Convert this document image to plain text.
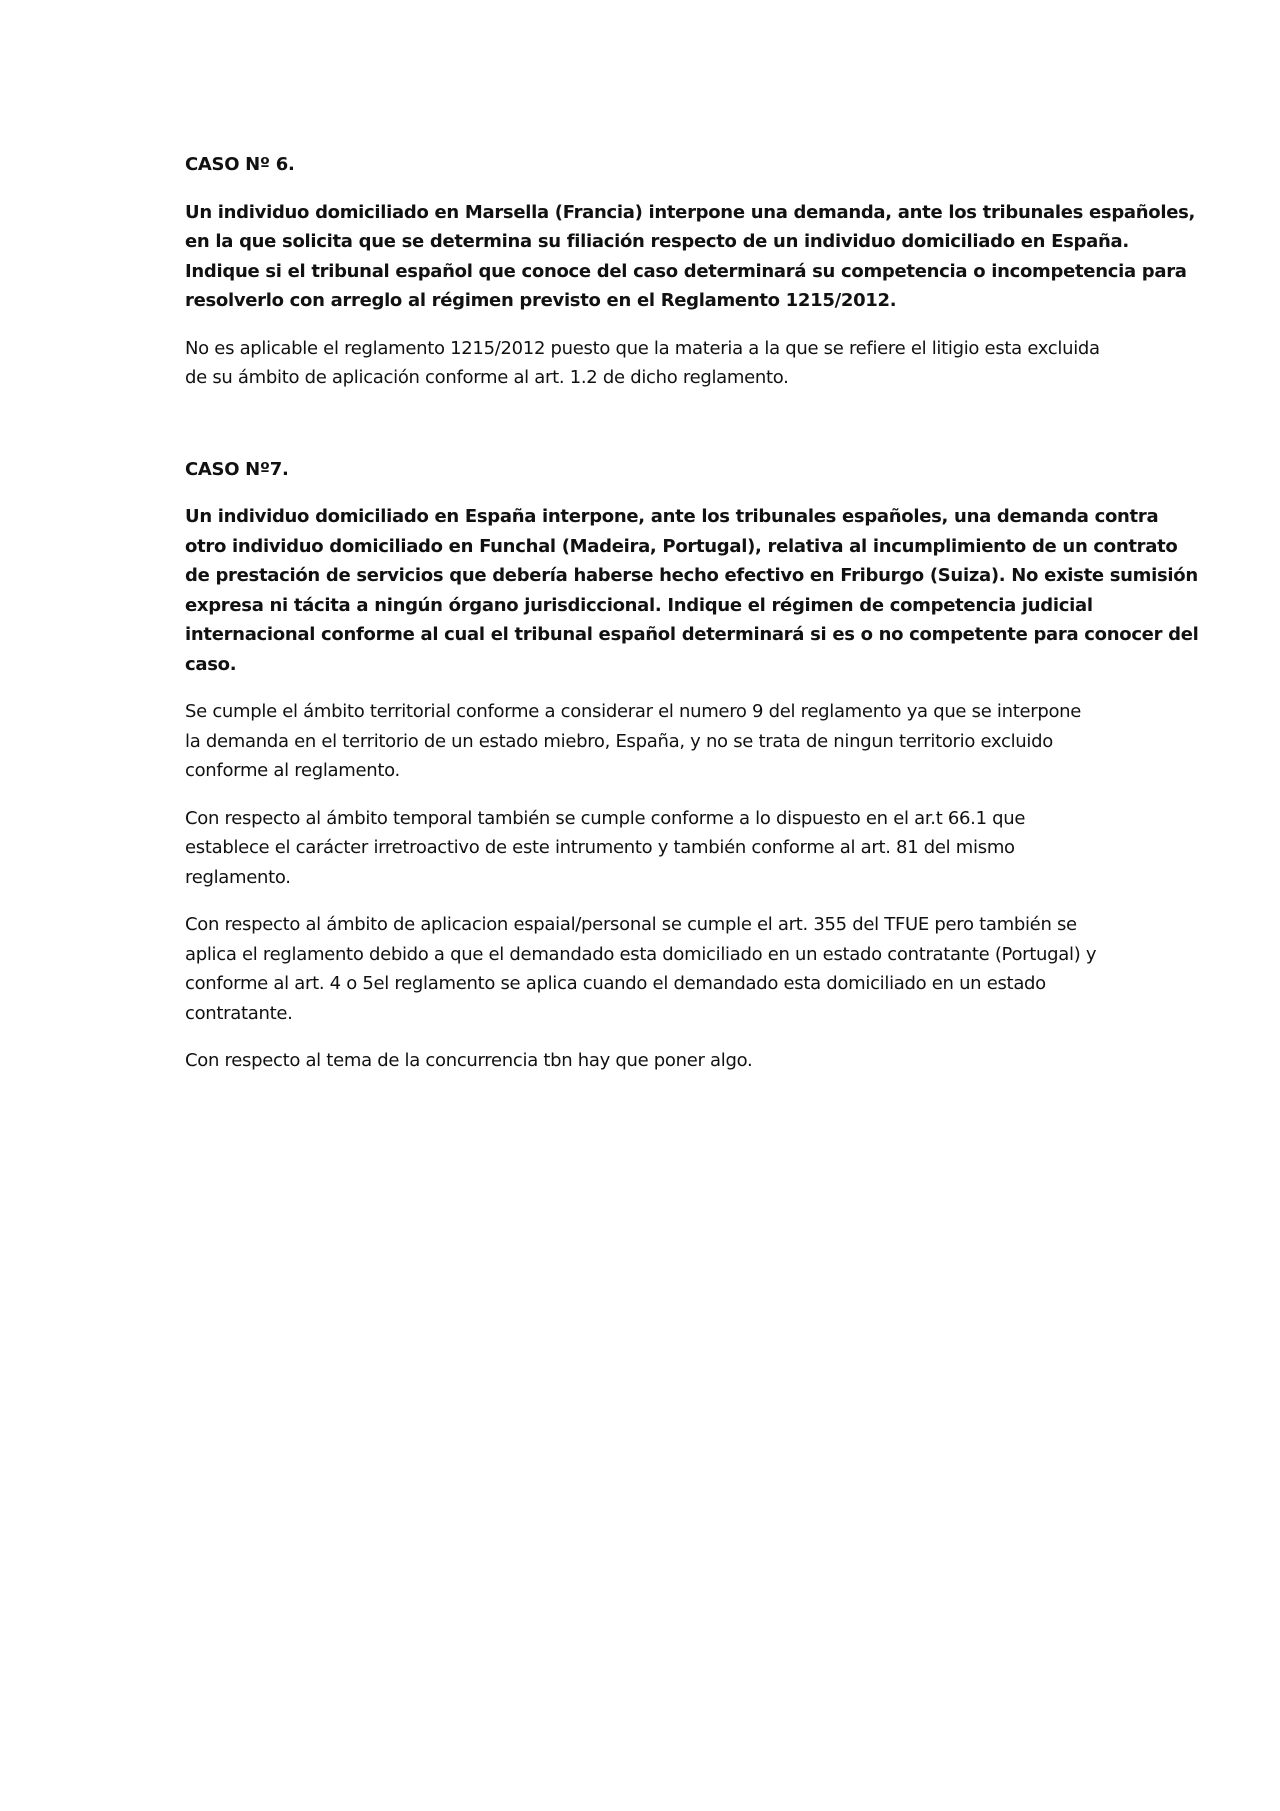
CASO Nº 6.

Un individuo domiciliado en Marsella (Francia) interpone una demanda, ante los tribunales españoles,
en la que solicita que se determina su filiación respecto de un individuo domiciliado en España.
Indique si el tribunal español que conoce del caso determinará su competencia o incompetencia para
resolverlo con arreglo al régimen previsto en el Reglamento 1215/2012.

No es aplicable el reglamento 1215/2012 puesto que la materia a la que se refiere el litigio esta excluida
de su ámbito de aplicación conforme al art. 1.2 de dicho reglamento.

CASO Nº7.

Un individuo domiciliado en España interpone, ante los tribunales españoles, una demanda contra
otro individuo domiciliado en Funchal (Madeira, Portugal), relativa al incumplimiento de un contrato
de prestación de servicios que debería haberse hecho efectivo en Friburgo (Suiza). No existe sumisión
expresa ni tácita a ningún órgano jurisdiccional. Indique el régimen de competencia judicial
internacional conforme al cual el tribunal español determinará si es o no competente para conocer del
caso.

Se cumple el ámbito territorial conforme a considerar el numero 9 del reglamento ya que se interpone
la demanda en el territorio de un estado miebro, España, y no se trata de ningun territorio excluido
conforme al reglamento.

Con respecto al ámbito temporal también se cumple conforme a lo dispuesto en el ar.t 66.1 que
establece el carácter irretroactivo de este intrumento y también conforme al art. 81 del mismo
reglamento.

Con respecto al ámbito de aplicacion espaial/personal se cumple el art. 355 del TFUE pero también se
aplica el reglamento debido a que el demandado esta domiciliado en un estado contratante (Portugal) y
conforme al art. 4 o 5el reglamento se aplica cuando el demandado esta domiciliado en un estado
contratante.

Con respecto al tema de la concurrencia tbn hay que poner algo.
